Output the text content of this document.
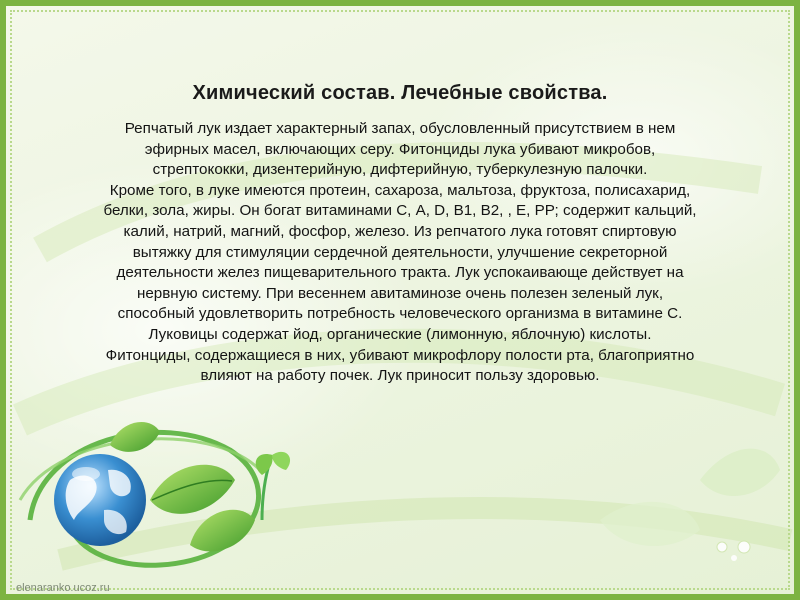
Химический состав. Лечебные свойства.

Репчатый лук издает характерный запах, обусловленный присутствием в нем
эфирных масел, включающих серу. Фитонциды лука убивают микробов,
стрептококки, дизентерийную, дифтерийную, туберкулезную палочки.
Кроме того, в луке имеются протеин, сахароза, мальтоза, фруктоза, полисахарид,
белки, зола, жиры. Он богат витаминами С, А, D, В1, В2, , Е, РР; содержит кальций,
калий, натрий, магний, фосфор, железо. Из репчатого лука готовят спиртовую
вытяжку для стимуляции сердечной деятельности, улучшение секреторной
деятельности желез пищеварительного тракта. Лук успокаивающе действует на
нервную систему. При весеннем авитаминозе очень полезен зеленый лук,
способный удовлетворить потребность человеческого организма в витамине С.
Луковицы содержат йод, органические (лимонную, яблочную) кислоты.
Фитонциды, содержащиеся в них, убивают микрофлору полости рта, благоприятно
влияют на работу почек. Лук приносит пользу здоровью.

elenaranko.ucoz.ru
